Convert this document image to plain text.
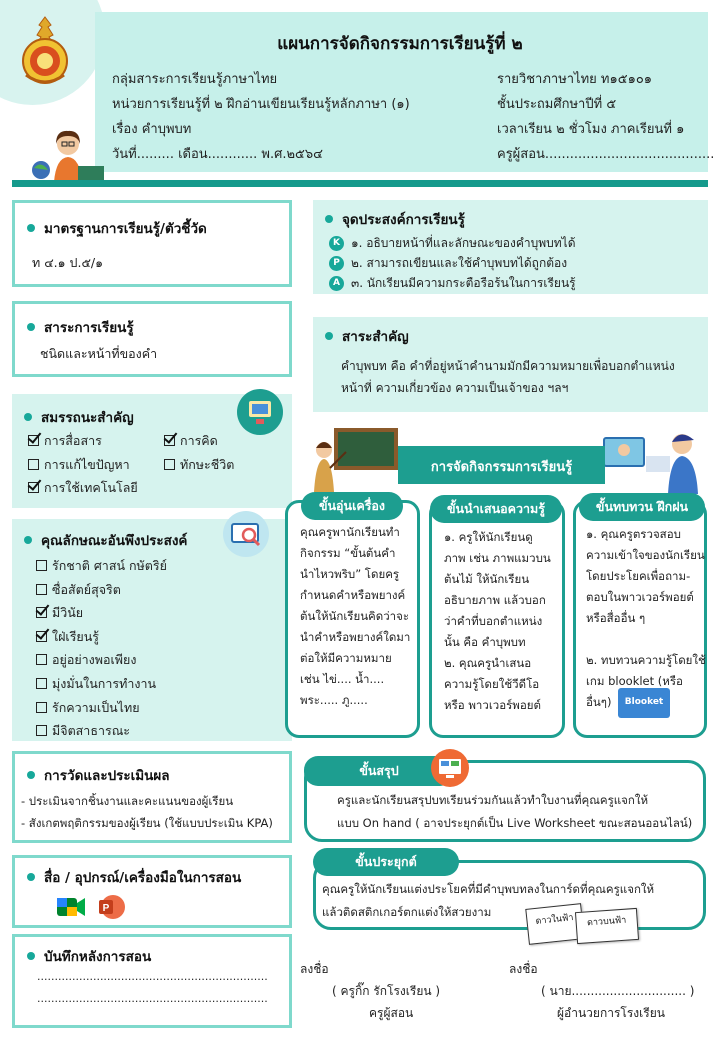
แผนการจัดกิจกรรมการเรียนรู้ที่ ๒
กลุ่มสาระการเรียนรู้ภาษาไทย	รายวิชาภาษาไทย ท๑๕๑๐๑
หน่วยการเรียนรู้ที่ ๒ ฝึกอ่านเขียนเรียนรู้หลักภาษา (๑)	ชั้นประถมศึกษาปีที่ ๕
เรื่อง คำบุพบท	เวลาเรียน ๒ ชั่วโมง ภาคเรียนที่ ๑
วันที่......... เดือน............ พ.ศ.๒๕๖๔	ครูผู้สอน.........................................
มาตรฐานการเรียนรู้/ตัวชี้วัด
ท ๔.๑ ป.๕/๑
สาระการเรียนรู้
ชนิดและหน้าที่ของคำ
สมรรถนะสำคัญ
การสื่อสาร	การคิด
การแก้ไขปัญหา	ทักษะชีวิต
การใช้เทคโนโลยี
คุณลักษณะอันพึงประสงค์
รักชาติ ศาสน์ กษัตริย์
ซื่อสัตย์สุจริต
มีวินัย
ใฝ่เรียนรู้
อยู่อย่างพอเพียง
มุ่งมั่นในการทำงาน
รักความเป็นไทย
มีจิตสาธารณะ
การวัดและประเมินผล
- ประเมินจากชิ้นงานและคะแนนของผู้เรียน
- สังเกตพฤติกรรมของผู้เรียน (ใช้แบบประเมิน KPA)
สื่อ / อุปกรณ์/เครื่องมือในการสอน
P
บันทึกหลังการสอน
..................................................................
..................................................................
จุดประสงค์การเรียนรู้
K ๑. อธิบายหน้าที่และลักษณะของคำบุพบทได้
P ๒. สามารถเขียนและใช้คำบุพบทได้ถูกต้อง
A ๓. นักเรียนมีความกระตือรือร้นในการเรียนรู้
สาระสำคัญ
คำบุพบท คือ คำที่อยู่หน้าคำนามมักมีความหมายเพื่อบอกตำแหน่ง
หน้าที่ ความเกี่ยวข้อง ความเป็นเจ้าของ ฯลฯ
การจัดกิจกรรมการเรียนรู้
ขั้นอุ่นเครื่อง
คุณครูพานักเรียนทำ
กิจกรรม “ขั้นต้นคำ
นำไหวพริบ” โดยครู
กำหนดคำหรือพยางค์
ต้นให้นักเรียนคิดว่าจะ
นำคำหรือพยางค์ใดมา
ต่อให้มีความหมาย
เช่น ไข่.... น้ำ....
พระ..... ภู.....
ขั้นนำเสนอความรู้
๑. ครูให้นักเรียนดู
ภาพ เช่น ภาพแมวบน
ต้นไม้ ให้นักเรียน
อธิบายภาพ แล้วบอก
ว่าคำที่บอกตำแหน่ง
นั้น คือ คำบุพบท
๒. คุณครูนำเสนอ
ความรู้โดยใช้วีดีโอ
หรือ พาวเวอร์พอยต์
ขั้นทบทวน ฝึกฝน
๑. คุณครูตรวจสอบ
ความเข้าใจของนักเรียน
โดยประโยคเพื่อถาม-
ตอบในพาวเวอร์พอยต์
หรือสื่ออื่น ๆ
๒. ทบทวนความรู้โดยใช้
เกม blooklet (หรือ
อื่นๆ)	Blooket
ขั้นสรุป
ครูและนักเรียนสรุปบทเรียนร่วมกันแล้วทำใบงานที่คุณครูแจกให้
แบบ On hand ( อาจประยุกต์เป็น Live Worksheet ขณะสอนออนไลน์)
ขั้นประยุกต์
คุณครูให้นักเรียนแต่งประโยคที่มีคำบุพบทลงในการ์ดที่คุณครูแจกให้
แล้วติดสติกเกอร์ตกแต่งให้สวยงาม
ดาวในฟ้า	ดาวบนฟ้า
ลงชื่อ
( ครูกิ๊ก รักโรงเรียน )
ครูผู้สอน
ลงชื่อ
( นาย.............................. )
ผู้อำนวยการโรงเรียน
